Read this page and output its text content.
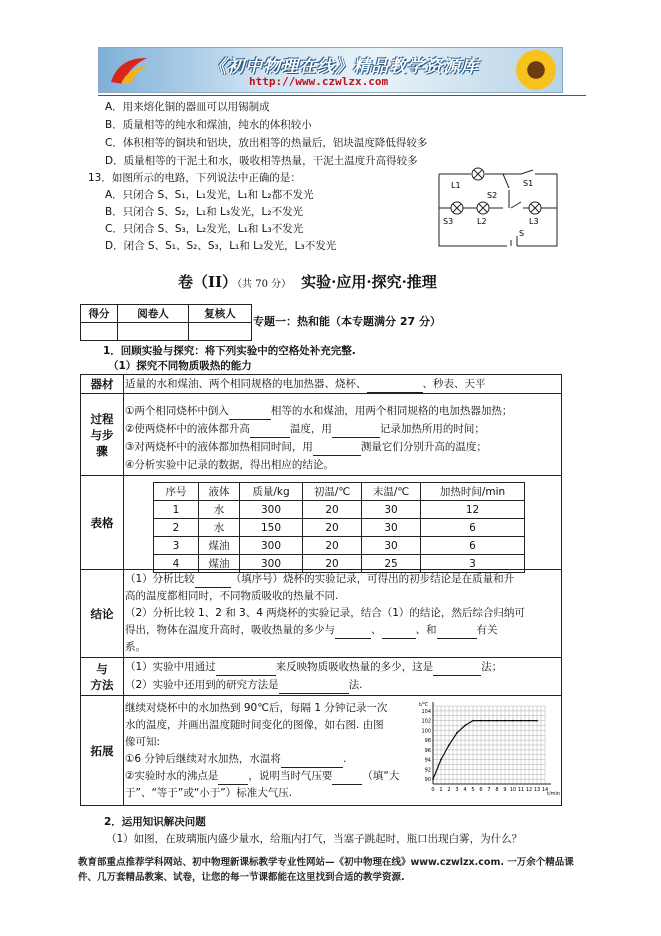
《初中物理在线》精品教学资源库
http://www.czwlzx.com
A．用来熔化铜的器皿可以用锡制成
B．质量相等的纯水和煤油，纯水的体积较小
C．体积相等的铜块和铝块，放出相等的热量后，铝块温度降低得较多
D．质量相等的干泥土和水，吸收相等热量，干泥土温度升高得较多
13．如图所示的电路，下列说法中正确的是：
A．只闭合 S、S₁，L₁发光，L₁和 L₂都不发光
B．只闭合 S、S₂，L₁和 L₃发光，L₂不发光
C．只闭合 S、S₃，L₂发光，L₁和 L₃不发光
D．闭合 S、S₁、S₂、S₃，L₁和 L₂发光，L₃不发光
L1
L2	L3
S1
S2
S3
S
卷（II）（共 70 分） 实验·应用·探究·推理
得分	阅卷人	复核人

专题一：热和能（本专题满分 27 分）
1．回顾实验与探究：将下列实验中的空格处补充完整.
（1）探究不同物质吸热的能力
器材	适量的水和煤油、两个相同规格的电加热器、烧杯、	、秒表、天平
过程与步骤
①两个相同烧杯中倒入	相等的水和煤油，用两个相同规格的电加热器加热；
②使两烧杯中的液体都升高	温度，用	记录加热所用的时间；
③对两烧杯中的液体都加热相同时间，用	测量它们分别升高的温度；
④分析实验中记录的数据，得出相应的结论。
表格
序号	液体	质量/kg	初温/℃	末温/℃	加热时间/min
1	水	300	20	30	12
2	水	150	20	30	6
3	煤油	300	20	30	6
4	煤油	300	20	25	3
结论
（1）分析比较	（填序号）烧杯的实验记录，可得出的初步结论是在质量和升
高的温度都相同时，不同物质吸收的热量不同.
（2）分析比较 1、2 和 3、4 两烧杯的实验记录，结合（1）的结论，然后综合归纳可
得出，物体在温度升高时，吸收热量的多少与	、	、和	有关
系。
与
方法
（1）实验中用通过	来反映物质吸收热量的多少，这是	法；
（2）实验中还用到的研究方法是	法.
拓展
继续对烧杯中的水加热到 90℃后，每隔 1 分钟记录一次
水的温度，并画出温度随时间变化的图像，如右图. 由图
像可知:
①6 分钟后继续对水加热，水温将	.
②实验时水的沸点是	，说明当时气压要	（填“大
于”、“等于”或“小于”）标准大气压.
t/℃
t/min
90
92
94
96
98
100
102
104
0 1 2 3 4 5 6 7 8 9 10 11 12 13 14
2．运用知识解决问题
（1）如图，在玻璃瓶内盛少量水，给瓶内打气，当塞子跳起时，瓶口出现白雾，为什么？
教育部重点推荐学科网站、初中物理新课标教学专业性网站—《初中物理在线》www.czwlzx.com. 一万余个精品课
件、几万套精品教案、试卷，让您的每一节课都能在这里找到合适的教学资源.
